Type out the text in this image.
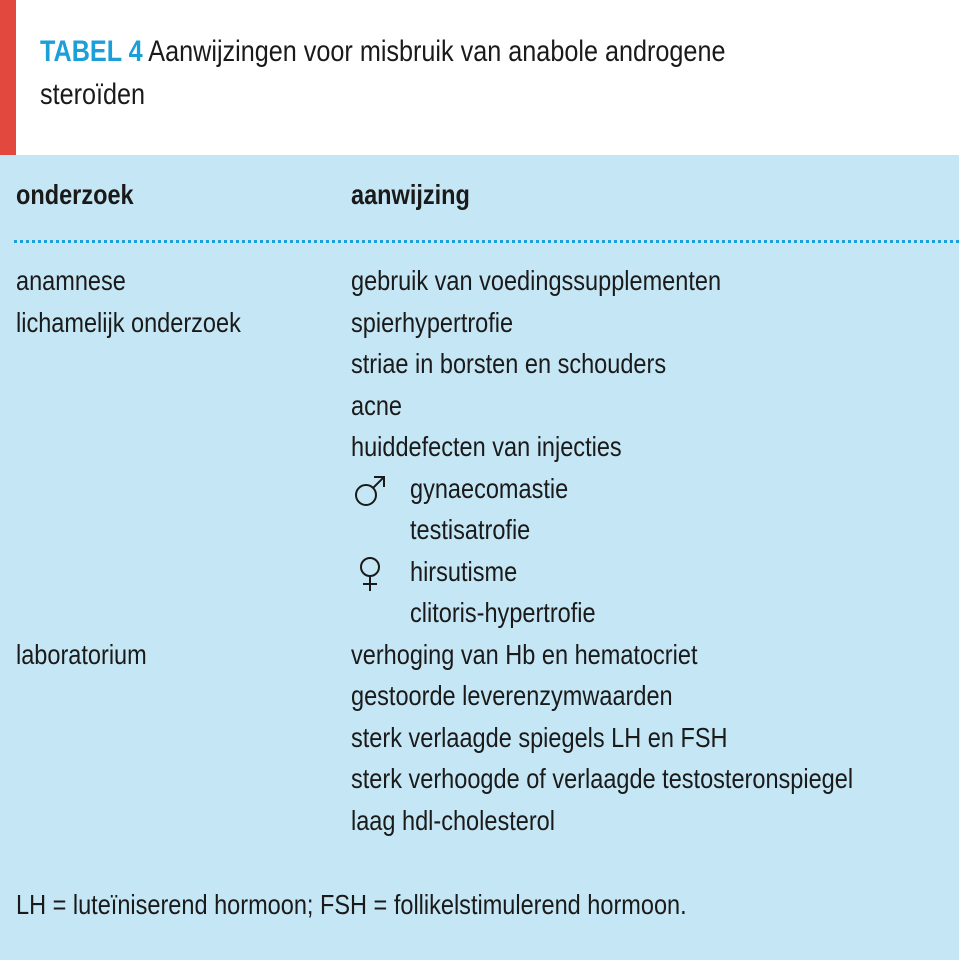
TABEL 4 Aanwijzingen voor misbruik van anabole androgene
steroïden
onderzoek	aanwijzing
anamnese	gebruik van voedingssupplementen
lichamelijk onderzoek	spierhypertrofie
striae in borsten en schouders
acne
huiddefecten van injecties
gynaecomastie
testisatrofie
hirsutisme
clitoris-hypertrofie
laboratorium	verhoging van Hb en hematocriet
gestoorde leverenzymwaarden
sterk verlaagde spiegels LH en FSH
sterk verhoogde of verlaagde testosteronspiegel
laag hdl-cholesterol
LH = luteïniserend hormoon; FSH = follikelstimulerend hormoon.
